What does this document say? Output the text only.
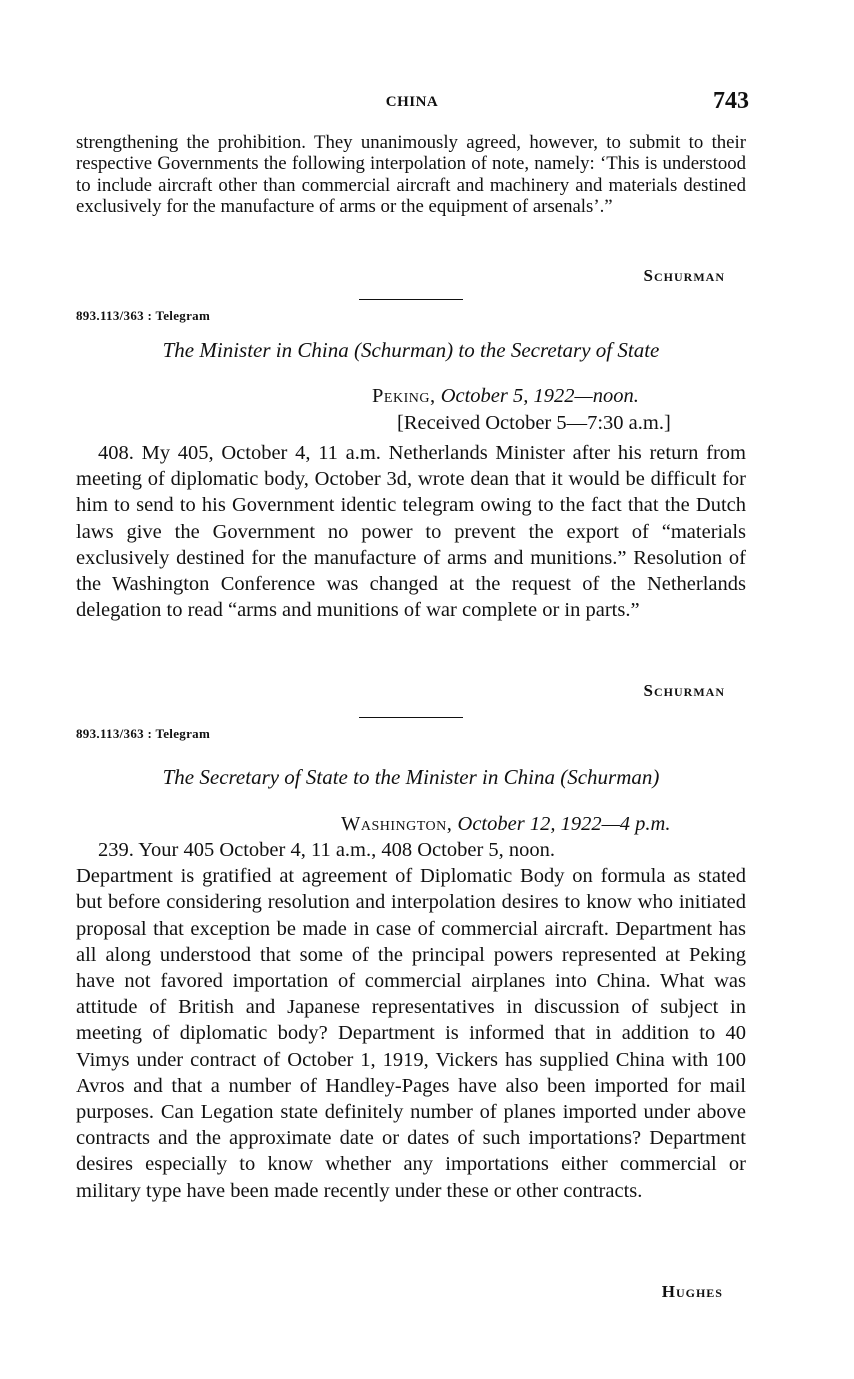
CHINA	743

strengthening the prohibition. They unanimously agreed, however, to submit to their respective Governments the following interpolation of note, namely: ‘This is understood to include aircraft other than commercial aircraft and machinery and materials destined exclusively for the manufacture of arms or the equipment of arsenals’.”

Schurman
893.113/363 : Telegram
The Minister in China (Schurman) to the Secretary of State
Peking, October 5, 1922—noon.
[Received October 5—7:30 a.m.]

408. My 405, October 4, 11 a.m. Netherlands Minister after his return from meeting of diplomatic body, October 3d, wrote dean that it would be difficult for him to send to his Government identic telegram owing to the fact that the Dutch laws give the Government no power to prevent the export of “materials exclusively destined for the manufacture of arms and munitions.” Resolution of the Washington Conference was changed at the request of the Netherlands delegation to read “arms and munitions of war complete or in parts.”

Schurman
893.113/363 : Telegram
The Secretary of State to the Minister in China (Schurman)
Washington, October 12, 1922—4 p.m.

239. Your 405 October 4, 11 a.m., 408 October 5, noon.

Department is gratified at agreement of Diplomatic Body on formula as stated but before considering resolution and interpolation desires to know who initiated proposal that exception be made in case of commercial aircraft. Department has all along understood that some of the principal powers represented at Peking have not favored importation of commercial airplanes into China. What was attitude of British and Japanese representatives in discussion of subject in meeting of diplomatic body? Department is informed that in addition to 40 Vimys under contract of October 1, 1919, Vickers has supplied China with 100 Avros and that a number of Handley-Pages have also been imported for mail purposes. Can Legation state definitely number of planes imported under above contracts and the approximate date or dates of such importations? Department desires especially to know whether any importations either commercial or military type have been made recently under these or other contracts.

Hughes
